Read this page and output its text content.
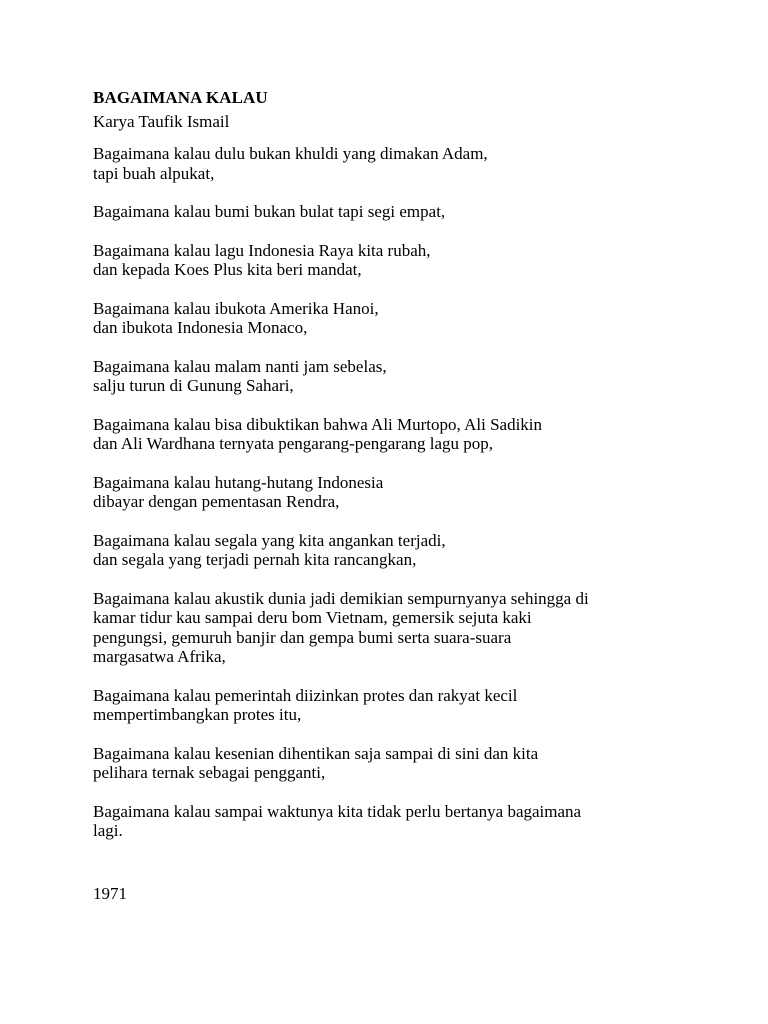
BAGAIMANA KALAU
Karya Taufik Ismail
Bagaimana kalau dulu bukan khuldi yang dimakan Adam,
tapi buah alpukat,
Bagaimana kalau bumi bukan bulat tapi segi empat,
Bagaimana kalau lagu Indonesia Raya kita rubah,
dan kepada Koes Plus kita beri mandat,
Bagaimana kalau ibukota Amerika Hanoi,
dan ibukota Indonesia Monaco,
Bagaimana kalau malam nanti jam sebelas,
salju turun di Gunung Sahari,
Bagaimana kalau bisa dibuktikan bahwa Ali Murtopo, Ali Sadikin
dan Ali Wardhana ternyata pengarang-pengarang lagu pop,
Bagaimana kalau hutang-hutang Indonesia
dibayar dengan pementasan Rendra,
Bagaimana kalau segala yang kita angankan terjadi,
dan segala yang terjadi pernah kita rancangkan,
Bagaimana kalau akustik dunia jadi demikian sempurnyanya sehingga di
kamar tidur kau sampai deru bom Vietnam, gemersik sejuta kaki
pengungsi, gemuruh banjir dan gempa bumi serta suara-suara
margasatwa Afrika,
Bagaimana kalau pemerintah diizinkan protes dan rakyat kecil
mempertimbangkan protes itu,
Bagaimana kalau kesenian dihentikan saja sampai di sini dan kita
pelihara ternak sebagai pengganti,
Bagaimana kalau sampai waktunya kita tidak perlu bertanya bagaimana
lagi.
1971
